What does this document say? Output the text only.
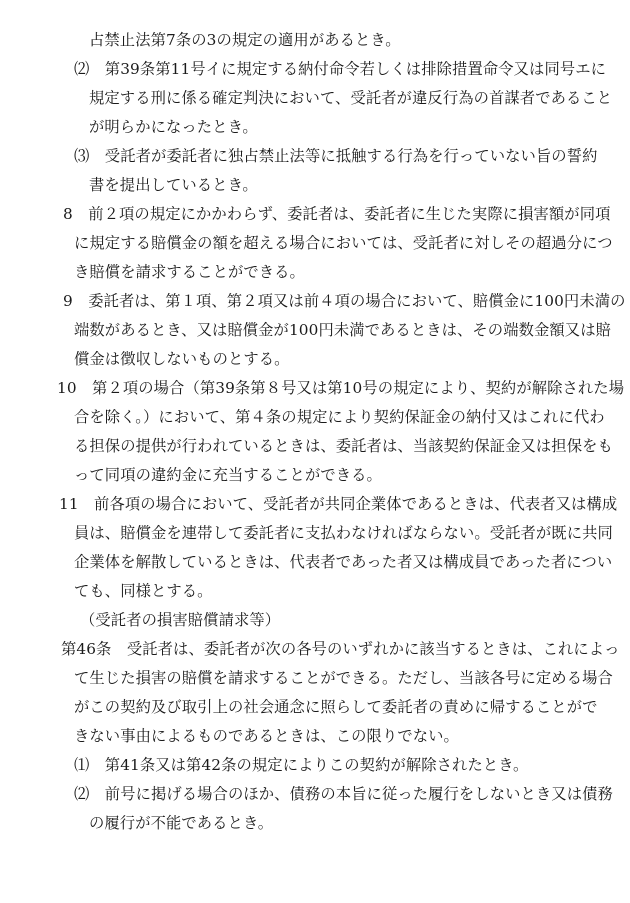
占禁止法第7条の3の規定の適用があるとき。
⑵　第39条第11号イに規定する納付命令若しくは排除措置命令又は同号エに
規定する刑に係る確定判決において、受託者が違反行為の首謀者であること
が明らかになったとき。
⑶　受託者が委託者に独占禁止法等に抵触する行為を行っていない旨の誓約
書を提出しているとき。
8　前２項の規定にかかわらず、委託者は、委託者に生じた実際に損害額が同項
に規定する賠償金の額を超える場合においては、受託者に対しその超過分につ
き賠償を請求することができる。
9　委託者は、第１項、第２項又は前４項の場合において、賠償金に100円未満の
端数があるとき、又は賠償金が100円未満であるときは、その端数金額又は賠
償金は徴収しないものとする。
10　第２項の場合（第39条第８号又は第10号の規定により、契約が解除された場
合を除く。）において、第４条の規定により契約保証金の納付又はこれに代わ
る担保の提供が行われているときは、委託者は、当該契約保証金又は担保をも
って同項の違約金に充当することができる。
11　前各項の場合において、受託者が共同企業体であるときは、代表者又は構成
員は、賠償金を連帯して委託者に支払わなければならない。受託者が既に共同
企業体を解散しているときは、代表者であった者又は構成員であった者につい
ても、同様とする。
（受託者の損害賠償請求等）
第46条　受託者は、委託者が次の各号のいずれかに該当するときは、これによっ
て生じた損害の賠償を請求することができる。ただし、当該各号に定める場合
がこの契約及び取引上の社会通念に照らして委託者の責めに帰することがで
きない事由によるものであるときは、この限りでない。
⑴　第41条又は第42条の規定によりこの契約が解除されたとき。
⑵　前号に掲げる場合のほか、債務の本旨に従った履行をしないとき又は債務
の履行が不能であるとき。
